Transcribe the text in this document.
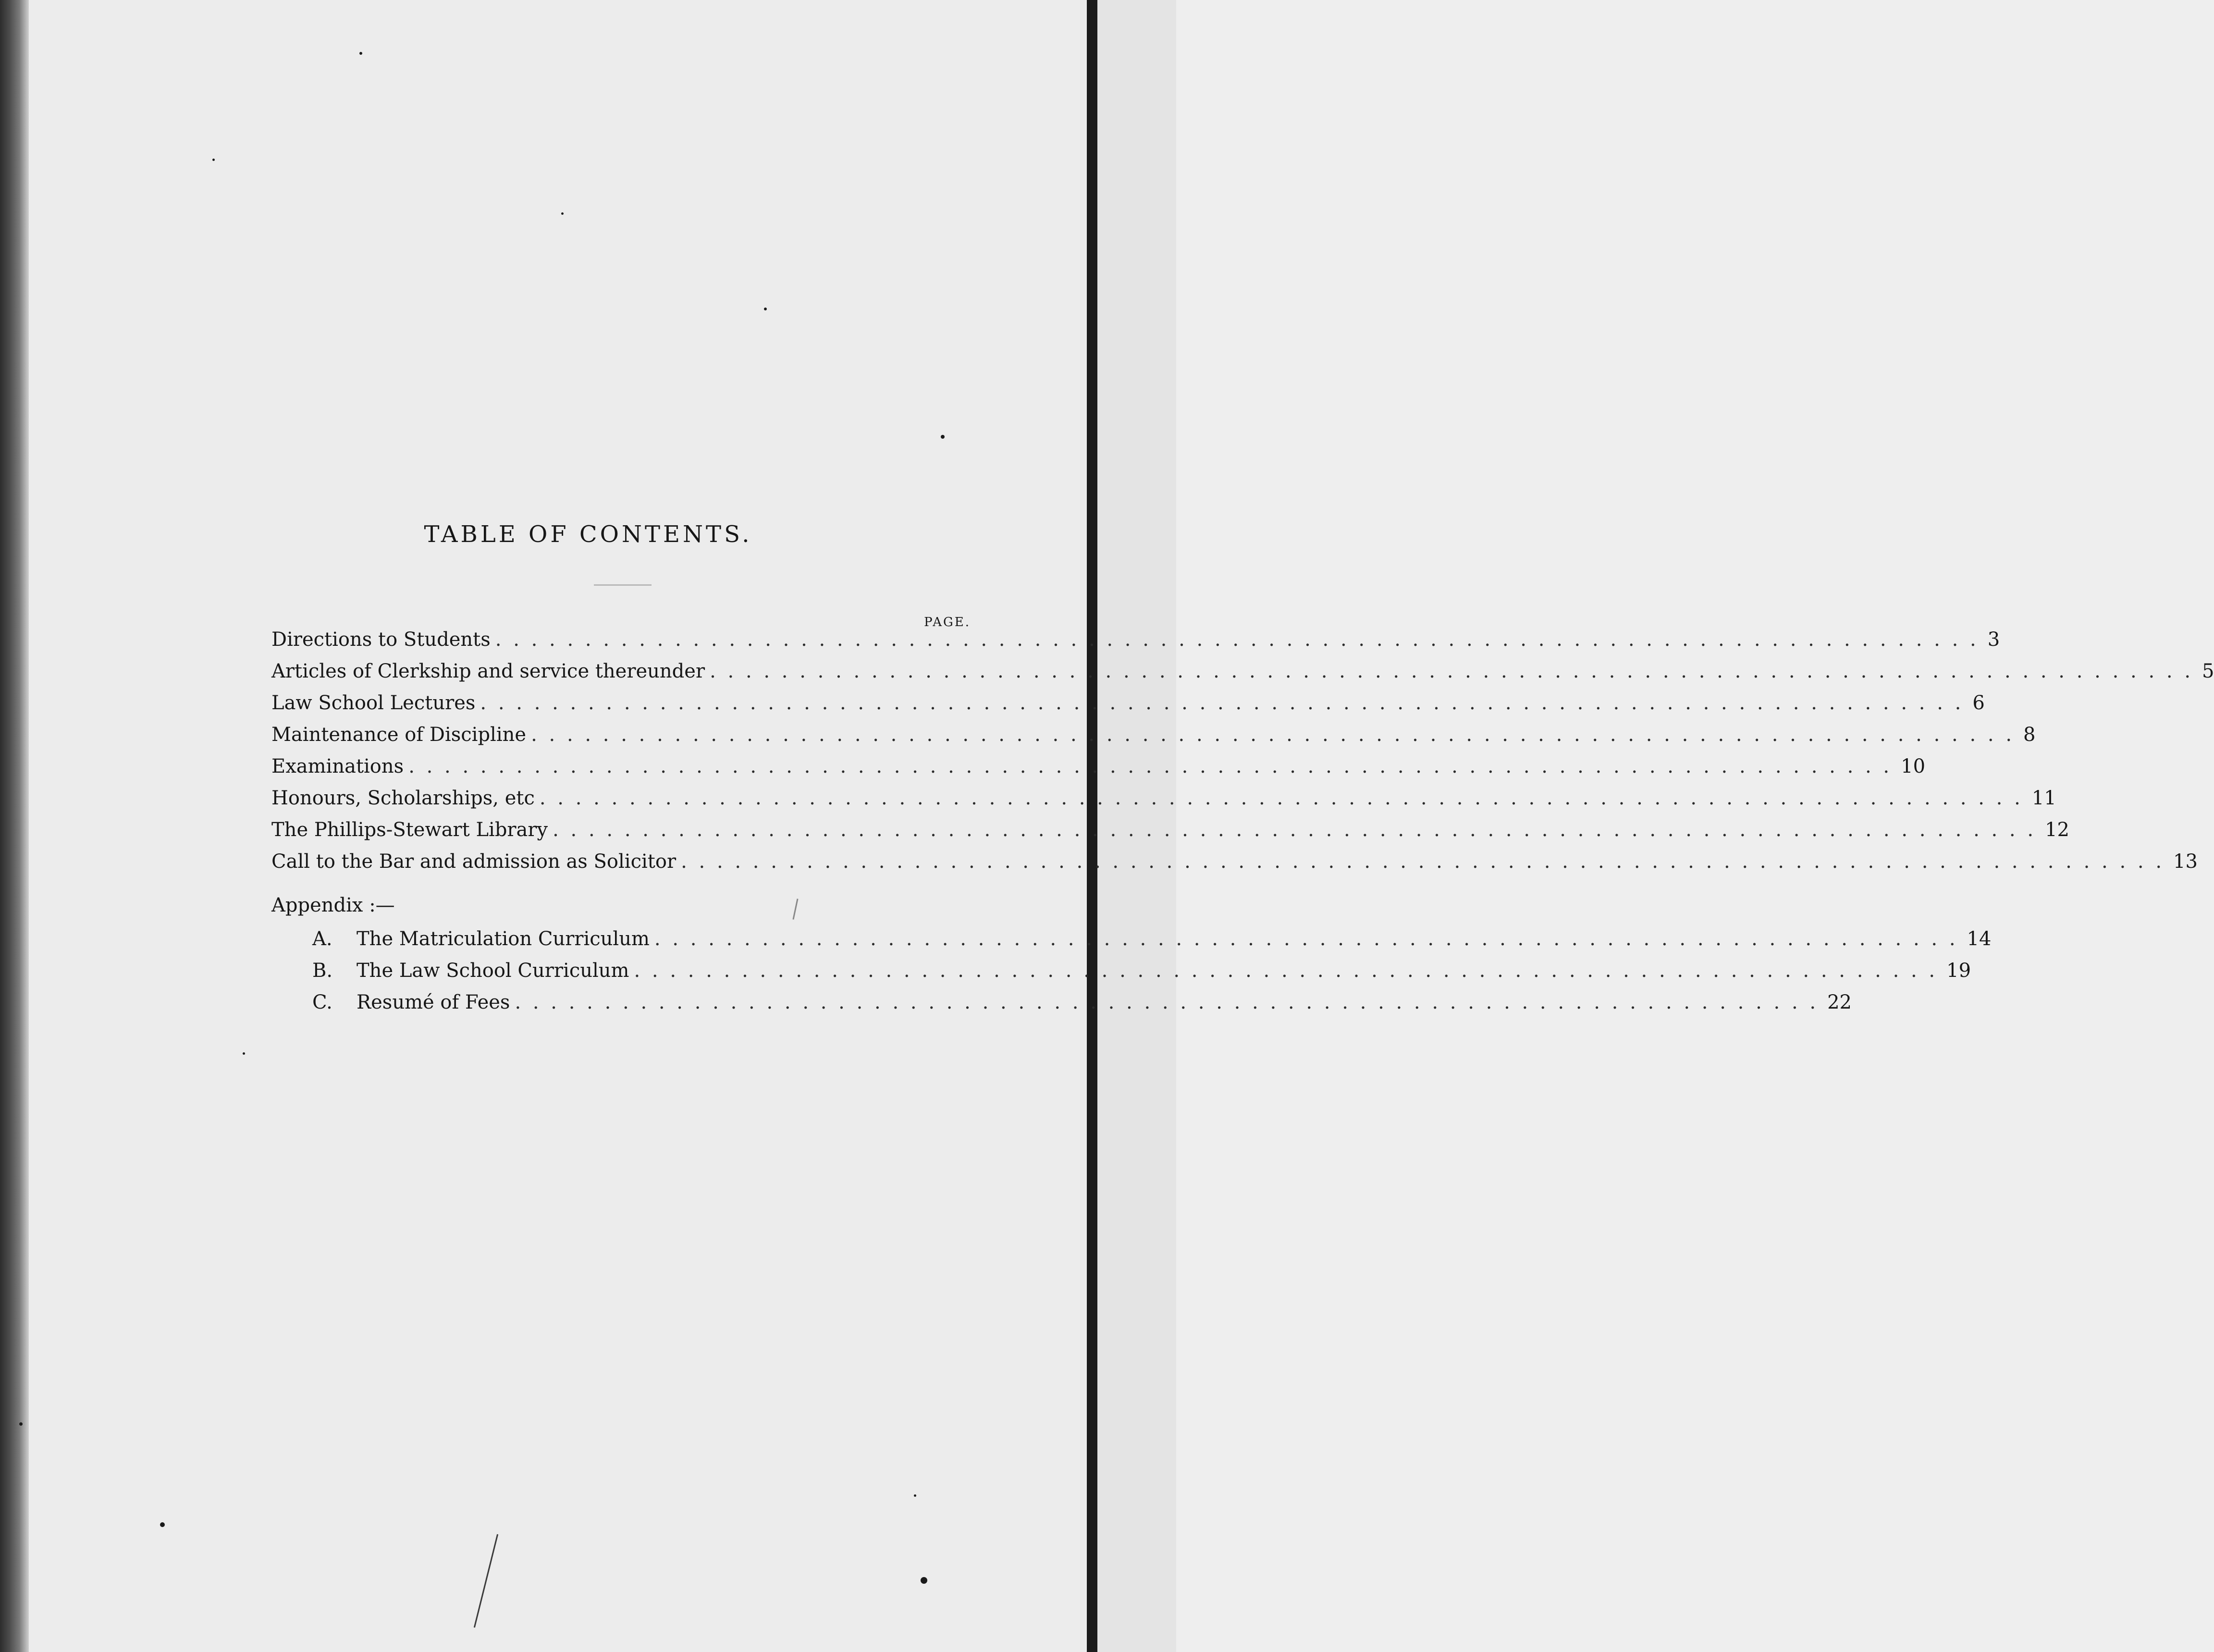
TABLE OF CONTENTS.
PAGE.
Directions to Students . . . . . . . . . . . . . . . . . . . . . . . . . . . . . . . . . . . . . . . . . . . . . . . . . . . . . . . . . . . . . . . . . . . . . . . . . . . . . . . . . . . 3
Articles of Clerkship and service thereunder . . . . . . . . . . . . . . . . . . . . . . . . . . . . . . . . . . . . . . . . . . . . . . . . . . . . . . . . . . . . . . . . . . . . . . . . . . . . . . . . . . . 5
Law School Lectures . . . . . . . . . . . . . . . . . . . . . . . . . . . . . . . . . . . . . . . . . . . . . . . . . . . . . . . . . . . . . . . . . . . . . . . . . . . . . . . . . . . 6
Maintenance of Discipline . . . . . . . . . . . . . . . . . . . . . . . . . . . . . . . . . . . . . . . . . . . . . . . . . . . . . . . . . . . . . . . . . . . . . . . . . . . . . . . . . . . 8
Examinations . . . . . . . . . . . . . . . . . . . . . . . . . . . . . . . . . . . . . . . . . . . . . . . . . . . . . . . . . . . . . . . . . . . . . . . . . . . . . . . . . . . 10
Honours, Scholarships, etc . . . . . . . . . . . . . . . . . . . . . . . . . . . . . . . . . . . . . . . . . . . . . . . . . . . . . . . . . . . . . . . . . . . . . . . . . . . . . . . . . . . 11
The Phillips-Stewart Library . . . . . . . . . . . . . . . . . . . . . . . . . . . . . . . . . . . . . . . . . . . . . . . . . . . . . . . . . . . . . . . . . . . . . . . . . . . . . . . . . . . 12
Call to the Bar and admission as Solicitor . . . . . . . . . . . . . . . . . . . . . . . . . . . . . . . . . . . . . . . . . . . . . . . . . . . . . . . . . . . . . . . . . . . . . . . . . . . . . . . . . . . 13
Appendix :—
A. The Matriculation Curriculum . . . . . . . . . . . . . . . . . . . . . . . . . . . . . . . . . . . . . . . . . . . . . . . . . . . . . . . . . . . . . . . . . . . . . . . . . 14
B. The Law School Curriculum . . . . . . . . . . . . . . . . . . . . . . . . . . . . . . . . . . . . . . . . . . . . . . . . . . . . . . . . . . . . . . . . . . . . . . . . . 19
C. Resumé of Fees . . . . . . . . . . . . . . . . . . . . . . . . . . . . . . . . . . . . . . . . . . . . . . . . . . . . . . . . . . . . . . . . . . . . . . . . . 22
